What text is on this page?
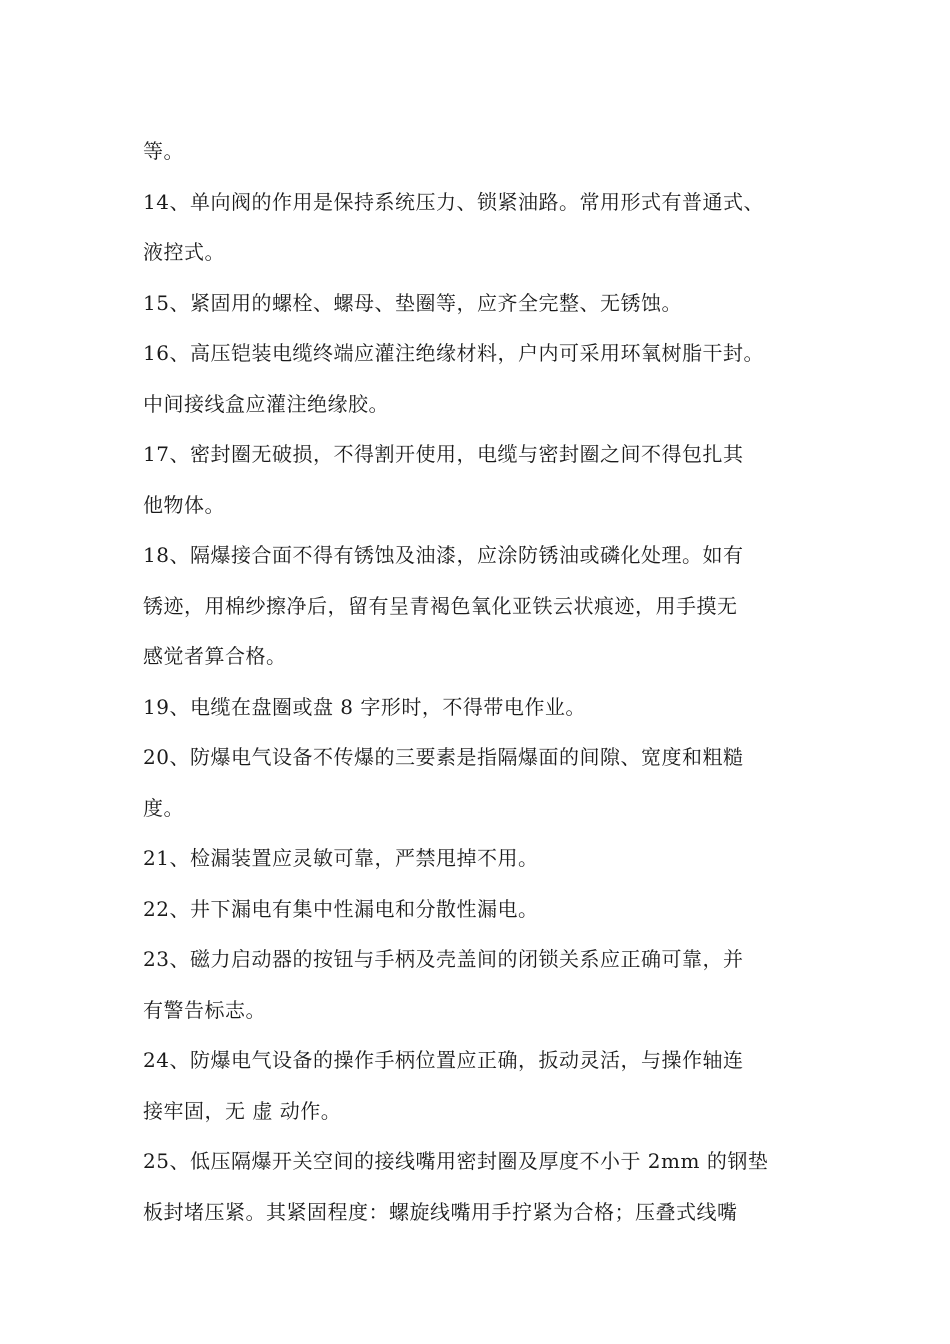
等。
14、单向阀的作用是保持系统压力、锁紧油路。常用形式有普通式、
液控式。
15、紧固用的螺栓、螺母、垫圈等，应齐全完整、无锈蚀。
16、高压铠装电缆终端应灌注绝缘材料，户内可采用环氧树脂干封。
中间接线盒应灌注绝缘胶。
17、密封圈无破损，不得割开使用，电缆与密封圈之间不得包扎其
他物体。
18、隔爆接合面不得有锈蚀及油漆，应涂防锈油或磷化处理。如有
锈迹，用棉纱擦净后，留有呈青褐色氧化亚铁云状痕迹，用手摸无
感觉者算合格。
19、电缆在盘圈或盘 8 字形时，不得带电作业。
20、防爆电气设备不传爆的三要素是指隔爆面的间隙、宽度和粗糙
度。
21、检漏装置应灵敏可靠，严禁甩掉不用。
22、井下漏电有集中性漏电和分散性漏电。
23、磁力启动器的按钮与手柄及壳盖间的闭锁关系应正确可靠，并
有警告标志。
24、防爆电气设备的操作手柄位置应正确，扳动灵活，与操作轴连
接牢固，无 虚 动作。
25、低压隔爆开关空间的接线嘴用密封圈及厚度不小于 2mm 的钢垫
板封堵压紧。其紧固程度：螺旋线嘴用手拧紧为合格；压叠式线嘴
